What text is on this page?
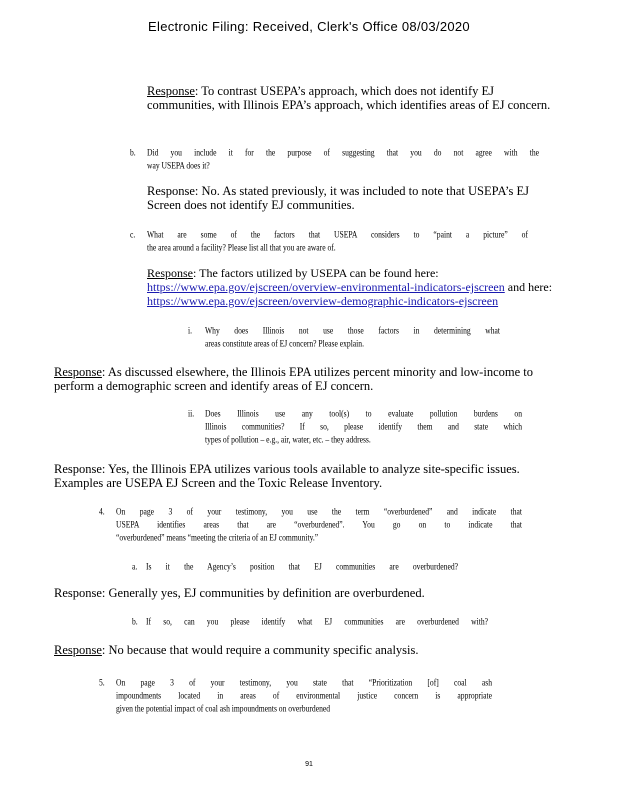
Electronic Filing: Received, Clerk's Office 08/03/2020
Response: To contrast USEPA’s approach, which does not identify EJ communities, with Illinois EPA’s approach, which identifies areas of EJ concern.
b. Did you include it for the purpose of suggesting that you do not agree with the
way USEPA does it?
Response: No. As stated previously, it was included to note that USEPA’s EJ Screen does not identify EJ communities.
c. What are some of the factors that USEPA considers to “paint a picture” of
the area around a facility? Please list all that you are aware of.
Response: The factors utilized by USEPA can be found here:
https://www.epa.gov/ejscreen/overview-environmental-indicators-ejscreen and here: https://www.epa.gov/ejscreen/overview-demographic-indicators-ejscreen
i. Why does Illinois not use those factors in determining what
areas constitute areas of EJ concern? Please explain.
Response: As discussed elsewhere, the Illinois EPA utilizes percent minority and low-income to perform a demographic screen and identify areas of EJ concern.
ii. Does Illinois use any tool(s) to evaluate pollution burdens on
Illinois communities? If so, please identify them and state which
types of pollution – e.g., air, water, etc. – they address.
Response: Yes, the Illinois EPA utilizes various tools available to analyze site-specific issues. Examples are USEPA EJ Screen and the Toxic Release Inventory.
4. On page 3 of your testimony, you use the term “overburdened” and indicate that
USEPA identifies areas that are “overburdened”. You go on to indicate that
“overburdened” means “meeting the criteria of an EJ community.”
a. Is it the Agency’s position that EJ communities are overburdened?
Response: Generally yes, EJ communities by definition are overburdened.
b. If so, can you please identify what EJ communities are overburdened with?
Response: No because that would require a community specific analysis.
5. On page 3 of your testimony, you state that “Prioritization [of] coal ash
impoundments located in areas of environmental justice concern is appropriate
given the potential impact of coal ash impoundments on overburdened
91
